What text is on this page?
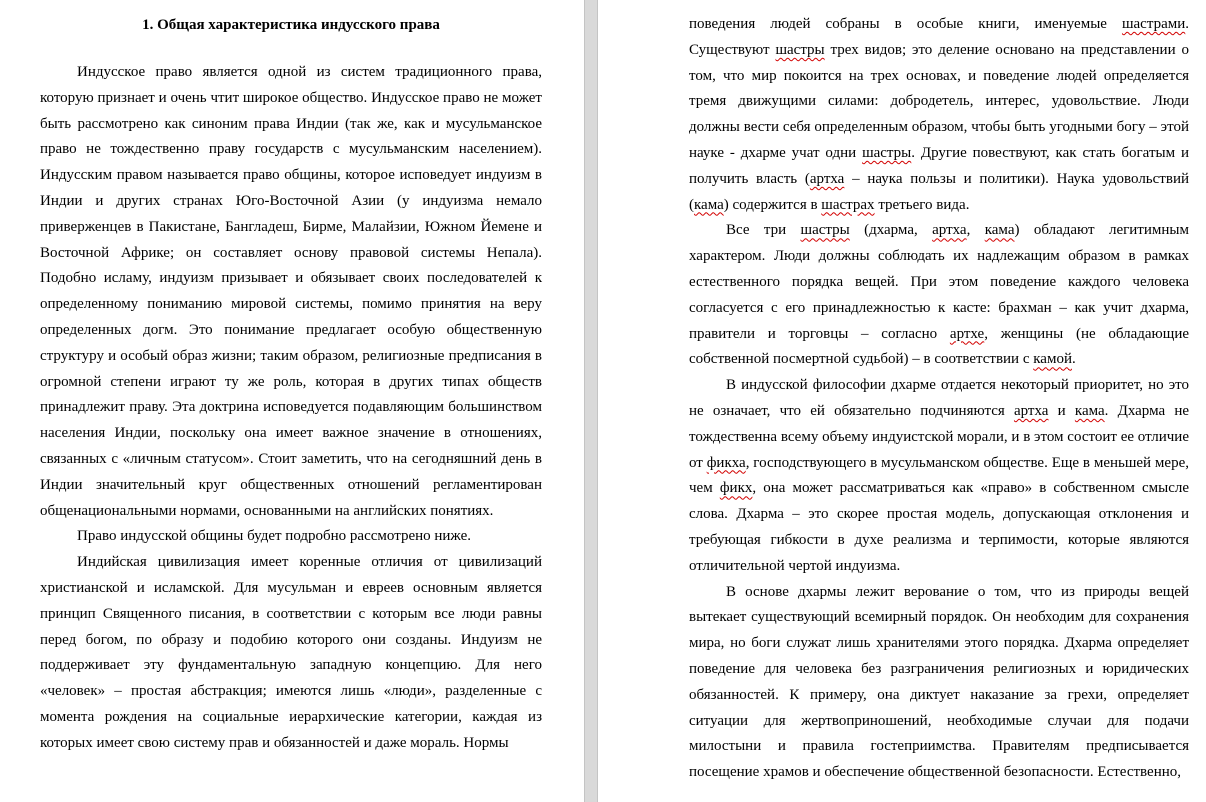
1. Общая характеристика индусского права

Индусское право является одной из систем традиционного права, которую признает и очень чтит широкое общество. Индусское право не может быть рассмотрено как синоним права Индии (так же, как и мусульманское право не тождественно праву государств с мусульманским населением). Индусским правом называется право общины, которое исповедует индуизм в Индии и других странах Юго-Восточной Азии (у индуизма немало приверженцев в Пакистане, Бангладеш, Бирме, Малайзии, Южном Йемене и Восточной Африке; он составляет основу правовой системы Непала). Подобно исламу, индуизм призывает и обязывает своих последователей к определенному пониманию мировой системы, помимо принятия на веру определенных догм. Это понимание предлагает особую общественную структуру и особый образ жизни; таким образом, религиозные предписания в огромной степени играют ту же роль, которая в других типах обществ принадлежит праву. Эта доктрина исповедуется подавляющим большинством населения Индии, поскольку она имеет важное значение в отношениях, связанных с «личным статусом». Стоит заметить, что на сегодняшний день в Индии значительный круг общественных отношений регламентирован общенациональными нормами, основанными на английских понятиях.

Право индусской общины будет подробно рассмотрено ниже.

Индийская цивилизация имеет коренные отличия от цивилизаций христианской и исламской. Для мусульман и евреев основным является принцип Священного писания, в соответствии с которым все люди равны перед богом, по образу и подобию которого они созданы. Индуизм не поддерживает эту фундаментальную западную концепцию. Для него «человек» – простая абстракция; имеются лишь «люди», разделенные с момента рождения на социальные иерархические категории, каждая из которых имеет свою систему прав и обязанностей и даже мораль. Нормы

поведения людей собраны в особые книги, именуемые шастрами. Существуют шастры трех видов; это деление основано на представлении о том, что мир покоится на трех основах, и поведение людей определяется тремя движущими силами: добродетель, интерес, удовольствие. Люди должны вести себя определенным образом, чтобы быть угодными богу – этой науке - дхарме учат одни шастры. Другие повествуют, как стать богатым и получить власть (артха – наука пользы и политики). Наука удовольствий (кама) содержится в шастрах третьего вида.

Все три шастры (дхарма, артха, кама) обладают легитимным характером. Люди должны соблюдать их надлежащим образом в рамках естественного порядка вещей. При этом поведение каждого человека согласуется с его принадлежностью к касте: брахман – как учит дхарма, правители и торговцы – согласно артхе, женщины (не обладающие собственной посмертной судьбой) – в соответствии с камой.

В индусской философии дхарме отдается некоторый приоритет, но это не означает, что ей обязательно подчиняются артха и кама. Дхарма не тождественна всему объему индуистской морали, и в этом состоит ее отличие от фикха, господствующего в мусульманском обществе. Еще в меньшей мере, чем фикх, она может рассматриваться как «право» в собственном смысле слова. Дхарма – это скорее простая модель, допускающая отклонения и требующая гибкости в духе реализма и терпимости, которые являются отличительной чертой индуизма.

В основе дхармы лежит верование о том, что из природы вещей вытекает существующий всемирный порядок. Он необходим для сохранения мира, но боги служат лишь хранителями этого порядка. Дхарма определяет поведение для человека без разграничения религиозных и юридических обязанностей. К примеру, она диктует наказание за грехи, определяет ситуации для жертвоприношений, необходимые случаи для подачи милостыни и правила гостеприимства. Правителям предписывается посещение храмов и обеспечение общественной безопасности. Естественно,
